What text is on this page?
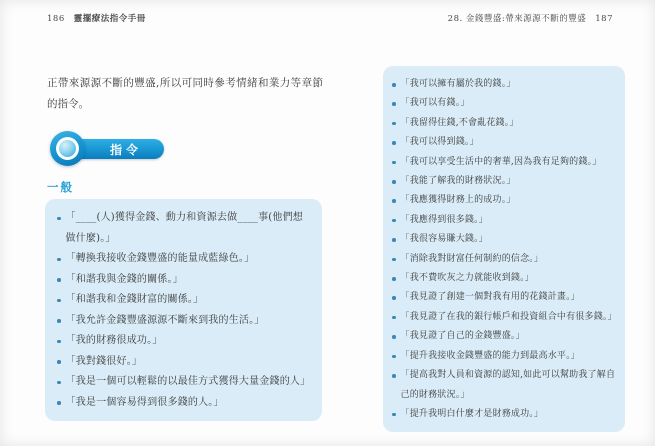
186 靈擺療法指令手冊	28. 金錢豐盛:帶來源源不斷的豐盛 187

正帶來源源不斷的豐盛,所以可同時參考情緒和業力等章節的指令。

指令
一般
「____(人)獲得金錢、動力和資源去做____事(他們想做什麼)。」
「轉換我接收金錢豐盛的能量成藍綠色。」
「和諧我與金錢的關係。」
「和諧我和金錢財富的關係。」
「我允許金錢豐盛源源不斷來到我的生活。」
「我的財務很成功。」
「我對錢很好。」
「我是一個可以輕鬆的以最佳方式獲得大量金錢的人」
「我是一個容易得到很多錢的人。」
「我可以擁有屬於我的錢。」
「我可以有錢。」
「我留得住錢,不會亂花錢。」
「我可以得到錢。」
「我可以享受生活中的奢華,因為我有足夠的錢。」
「我能了解我的財務狀況。」
「我應獲得財務上的成功。」
「我應得到很多錢。」
「我很容易賺大錢。」
「消除我對財富任何制約的信念。」
「我不費吹灰之力就能收到錢。」
「我見證了創建一個對我有用的花錢計畫。」
「我見證了在我的銀行帳戶和投資組合中有很多錢。」
「我見證了自己的金錢豐盛。」
「提升我接收金錢豐盛的能力到最高水平。」
「提高我對人員和資源的認知,如此可以幫助我了解自己的財務狀況。」
「提升我明白什麼才是財務成功。」
